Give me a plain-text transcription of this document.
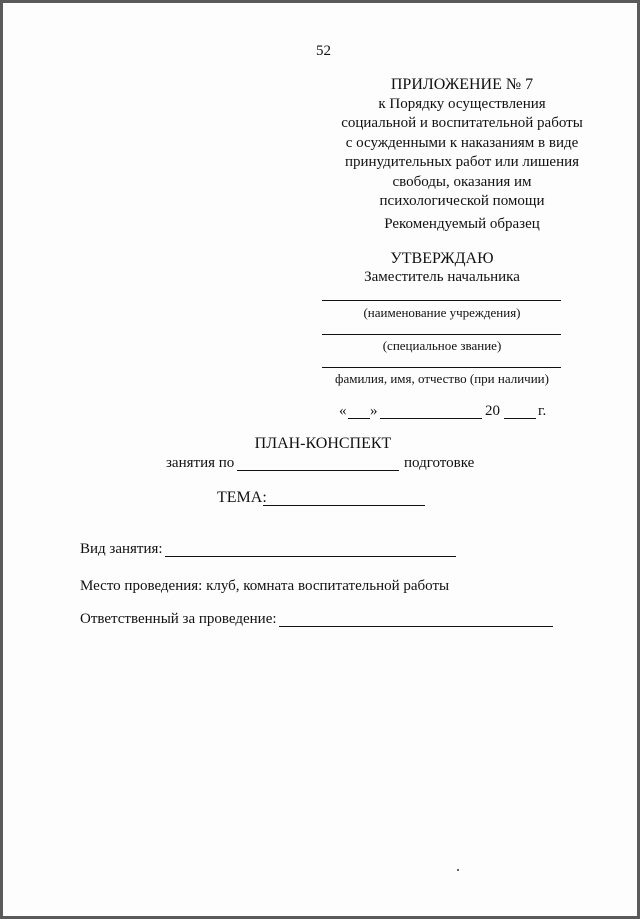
52
ПРИЛОЖЕНИЕ № 7
к Порядку осуществления
социальной и воспитательной работы
с осужденными к наказаниям в виде
принудительных работ или лишения
свободы, оказания им
психологической помощи
Рекомендуемый образец
УТВЕРЖДАЮ
Заместитель начальника
(наименование учреждения)
(специальное звание)
фамилия, имя, отчество (при наличии)
« »	20	г.
ПЛАН-КОНСПЕКТ
занятия по	подготовке
ТЕМА:
Вид занятия:
Место проведения: клуб, комната воспитательной работы
Ответственный за проведение:
